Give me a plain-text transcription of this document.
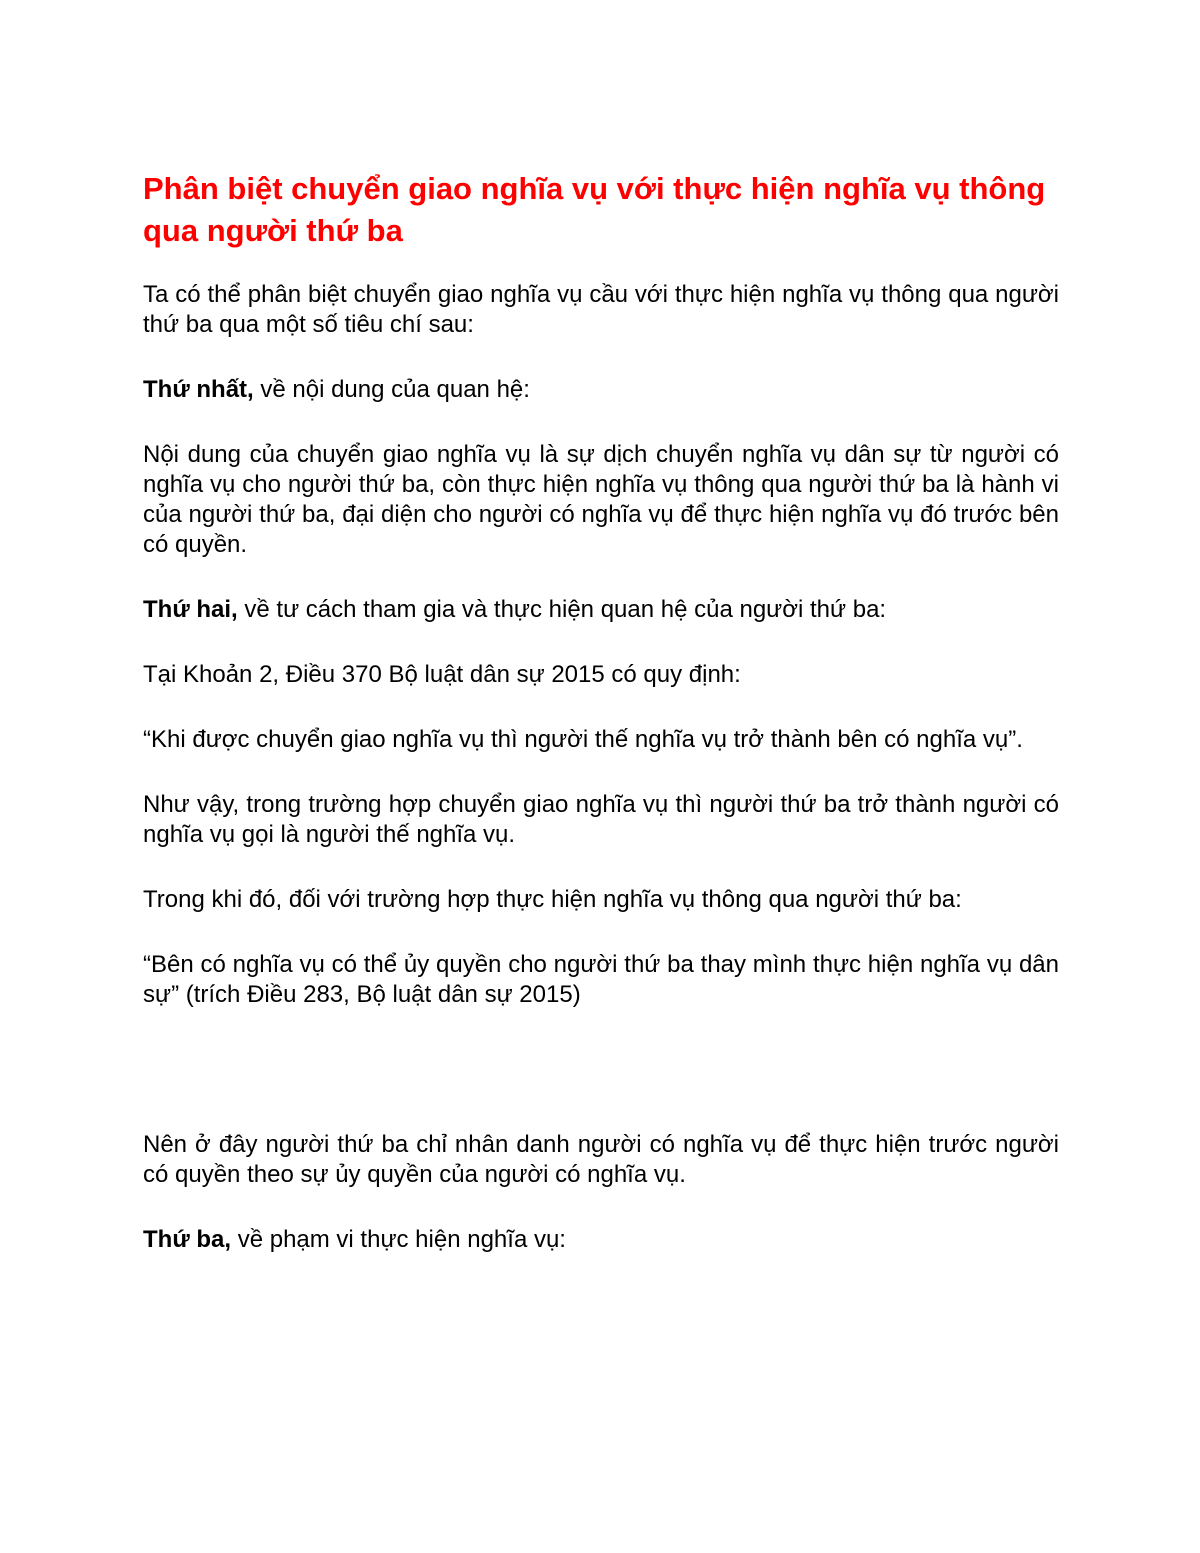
Phân biệt chuyển giao nghĩa vụ với thực hiện nghĩa vụ thông qua người thứ ba

Ta có thể phân biệt chuyển giao nghĩa vụ cầu với thực hiện nghĩa vụ thông qua người thứ ba qua một số tiêu chí sau:

Thứ nhất, về nội dung của quan hệ:

Nội dung của chuyển giao nghĩa vụ là sự dịch chuyển nghĩa vụ dân sự từ người có nghĩa vụ cho người thứ ba, còn thực hiện nghĩa vụ thông qua người thứ ba là hành vi của người thứ ba, đại diện cho người có nghĩa vụ để thực hiện nghĩa vụ đó trước bên có quyền.

Thứ hai, về tư cách tham gia và thực hiện quan hệ của người thứ ba:

Tại Khoản 2, Điều 370 Bộ luật dân sự 2015 có quy định:

“Khi được chuyển giao nghĩa vụ thì người thế nghĩa vụ trở thành bên có nghĩa vụ”.

Như vậy, trong trường hợp chuyển giao nghĩa vụ thì người thứ ba trở thành người có nghĩa vụ gọi là người thế nghĩa vụ.

Trong khi đó, đối với trường hợp thực hiện nghĩa vụ thông qua người thứ ba:

“Bên có nghĩa vụ có thể ủy quyền cho người thứ ba thay mình thực hiện nghĩa vụ dân sự” (trích Điều 283, Bộ luật dân sự 2015)

Nên ở đây người thứ ba chỉ nhân danh người có nghĩa vụ để thực hiện trước người có quyền theo sự ủy quyền của người có nghĩa vụ.

Thứ ba, về phạm vi thực hiện nghĩa vụ:
